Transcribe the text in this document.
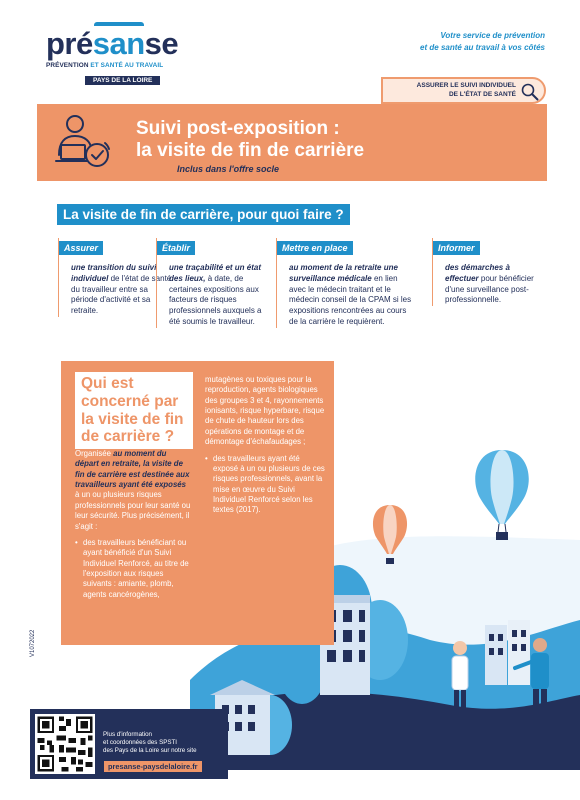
présanse
PRÉVENTION ET SANTÉ AU TRAVAIL
PAYS DE LA LOIRE
Votre service de prévention
et de santé au travail à vos côtés
ASSURER LE SUIVI INDIVIDUEL
DE L'ÉTAT DE SANTÉ
Suivi post-exposition :
la visite de fin de carrière
Inclus dans l'offre socle
La visite de fin de carrière, pour quoi faire ?
Assurer
une transition du suivi individuel de l'état de santé du travailleur entre sa période d'activité et sa retraite.
Établir
une traçabilité et un état des lieux, à date, de certaines expositions aux facteurs de risques professionnels auxquels a été soumis le travailleur.
Mettre en place
au moment de la retraite une surveillance médicale en lien avec le médecin traitant et le médecin conseil de la CPAM si les expositions rencontrées au cours de la carrière le requièrent.
Informer
des démarches à effectuer pour bénéficier d'une surveillance post-professionnelle.
Qui est concerné par la visite de fin de carrière ?
Organisée au moment du départ en retraite, la visite de fin de carrière est destinée aux travailleurs ayant été exposés à un ou plusieurs risques professionnels pour leur santé ou leur sécurité. Plus précisément, il s'agit :
• des travailleurs bénéficiant ou ayant bénéficié d'un Suivi Individuel Renforcé, au titre de l'exposition aux risques suivants : amiante, plomb, agents cancérogènes,
mutagènes ou toxiques pour la reproduction, agents biologiques des groupes 3 et 4, rayonnements ionisants, risque hyperbare, risque de chute de hauteur lors des opérations de montage et de démontage d'échafaudages ;
• des travailleurs ayant été exposé à un ou plusieurs de ces risques professionnels, avant la mise en œuvre du Suivi Individuel Renforcé selon les textes (2017).
V1072022
Plus d'information
et coordonnées des SPSTI
des Pays de la Loire sur notre site
presanse-paysdelaloire.fr
